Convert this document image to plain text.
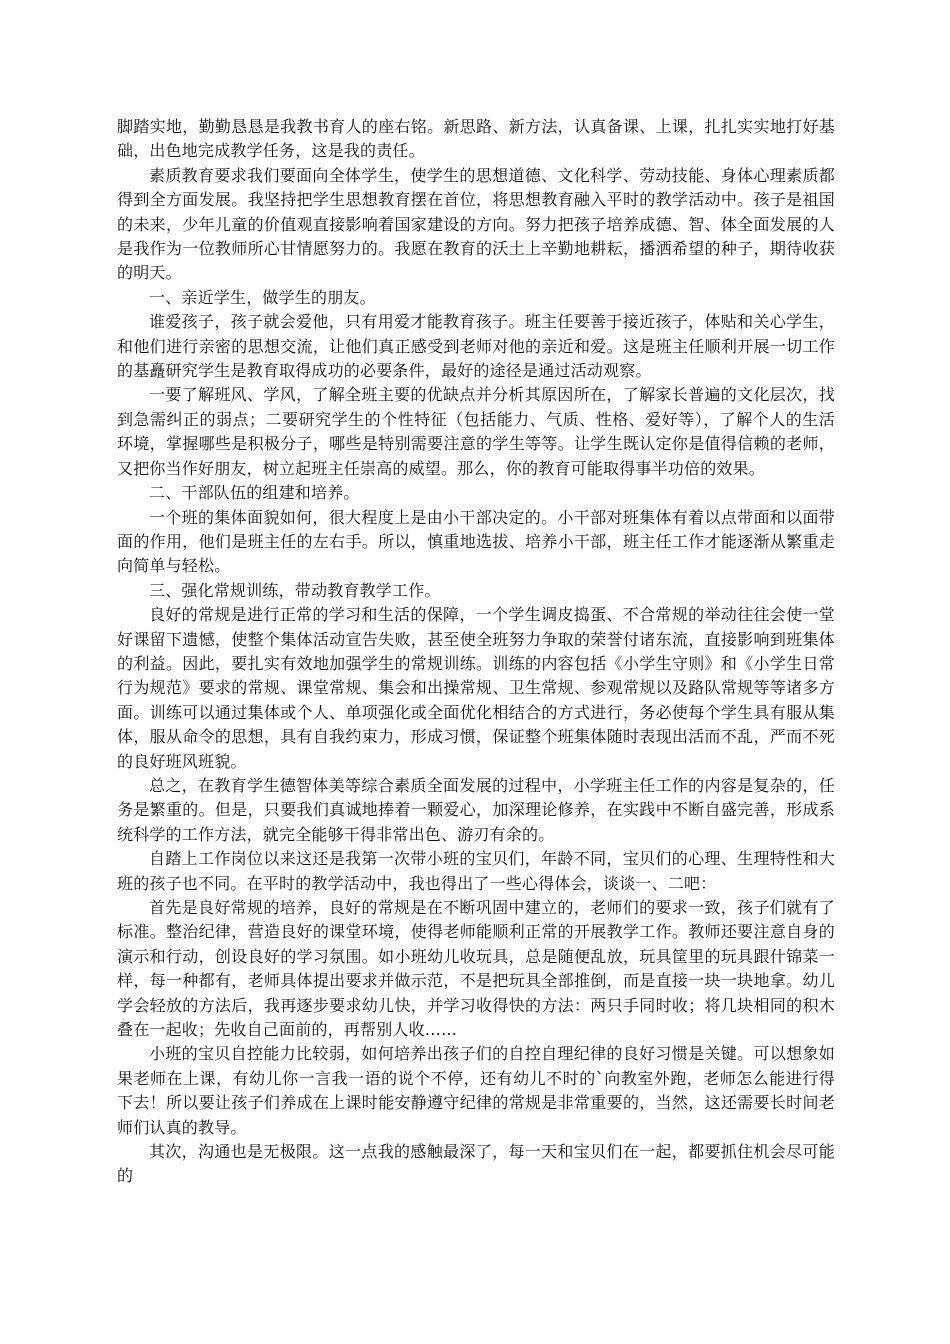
脚踏实地，勤勤恳恳是我教书育人的座右铭。新思路、新方法，认真备课、上课，扎扎实实地打好基础，出色地完成教学任务，这是我的责任。

素质教育要求我们要面向全体学生，使学生的思想道德、文化科学、劳动技能、身体心理素质都得到全方面发展。我坚持把学生思想教育摆在首位，将思想教育融入平时的教学活动中。孩子是祖国的未来，少年儿童的价值观直接影响着国家建设的方向。努力把孩子培养成德、智、体全面发展的人是我作为一位教师所心甘情愿努力的。我愿在教育的沃土上辛勤地耕耘，播洒希望的种子，期待收获的明天。

一、亲近学生，做学生的朋友。

谁爱孩子，孩子就会爱他，只有用爱才能教育孩子。班主任要善于接近孩子，体贴和关心学生，和他们进行亲密的思想交流，让他们真正感受到老师对他的亲近和爱。这是班主任顺利开展一切工作的基矗研究学生是教育取得成功的必要条件，最好的途径是通过活动观察。

一要了解班风、学风，了解全班主要的优缺点并分析其原因所在，了解家长普遍的文化层次，找到急需纠正的弱点；二要研究学生的个性特征（包括能力、气质、性格、爱好等），了解个人的生活环境，掌握哪些是积极分子，哪些是特别需要注意的学生等等。让学生既认定你是值得信赖的老师，又把你当作好朋友，树立起班主任崇高的威望。那么，你的教育可能取得事半功倍的效果。

二、干部队伍的组建和培养。

一个班的集体面貌如何，很大程度上是由小干部决定的。小干部对班集体有着以点带面和以面带面的作用，他们是班主任的左右手。所以，慎重地选拔、培养小干部，班主任工作才能逐渐从繁重走向简单与轻松。

三、强化常规训练，带动教育教学工作。

良好的常规是进行正常的学习和生活的保障，一个学生调皮捣蛋、不合常规的举动往往会使一堂好课留下遗憾，使整个集体活动宣告失败，甚至使全班努力争取的荣誉付诸东流，直接影响到班集体的利益。因此，要扎实有效地加强学生的常规训练。训练的内容包括《小学生守则》和《小学生日常行为规范》要求的常规、课堂常规、集会和出操常规、卫生常规、参观常规以及路队常规等等诸多方面。训练可以通过集体或个人、单项强化或全面优化相结合的方式进行，务必使每个学生具有服从集体，服从命令的思想，具有自我约束力，形成习惯，保证整个班集体随时表现出活而不乱，严而不死的良好班风班貌。

总之，在教育学生德智体美等综合素质全面发展的过程中，小学班主任工作的内容是复杂的，任务是繁重的。但是，只要我们真诚地捧着一颗爱心，加深理论修养，在实践中不断自盛完善，形成系统科学的工作方法，就完全能够干得非常出色、游刃有余的。

自踏上工作岗位以来这还是我第一次带小班的宝贝们，年龄不同，宝贝们的心理、生理特性和大班的孩子也不同。在平时的教学活动中，我也得出了一些心得体会，谈谈一、二吧：

首先是良好常规的培养，良好的常规是在不断巩固中建立的，老师们的要求一致，孩子们就有了标准。整治纪律，营造良好的课堂环境，使得老师能顺利正常的开展教学工作。教师还要注意自身的演示和行动，创设良好的学习氛围。如小班幼儿收玩具，总是随便乱放，玩具筐里的玩具跟什锦菜一样，每一种都有，老师具体提出要求并做示范，不是把玩具全部推倒，而是直接一块一块地拿。幼儿学会轻放的方法后，我再逐步要求幼儿快，并学习收得快的方法：两只手同时收；将几块相同的积木叠在一起收；先收自己面前的，再帮别人收……

小班的宝贝自控能力比较弱，如何培养出孩子们的自控自理纪律的良好习惯是关键。可以想象如果老师在上课，有幼儿你一言我一语的说个不停，还有幼儿不时的`向教室外跑，老师怎么能进行得下去！所以要让孩子们养成在上课时能安静遵守纪律的常规是非常重要的，当然，这还需要长时间老师们认真的教导。

其次，沟通也是无极限。这一点我的感触最深了，每一天和宝贝们在一起，都要抓住机会尽可能的
